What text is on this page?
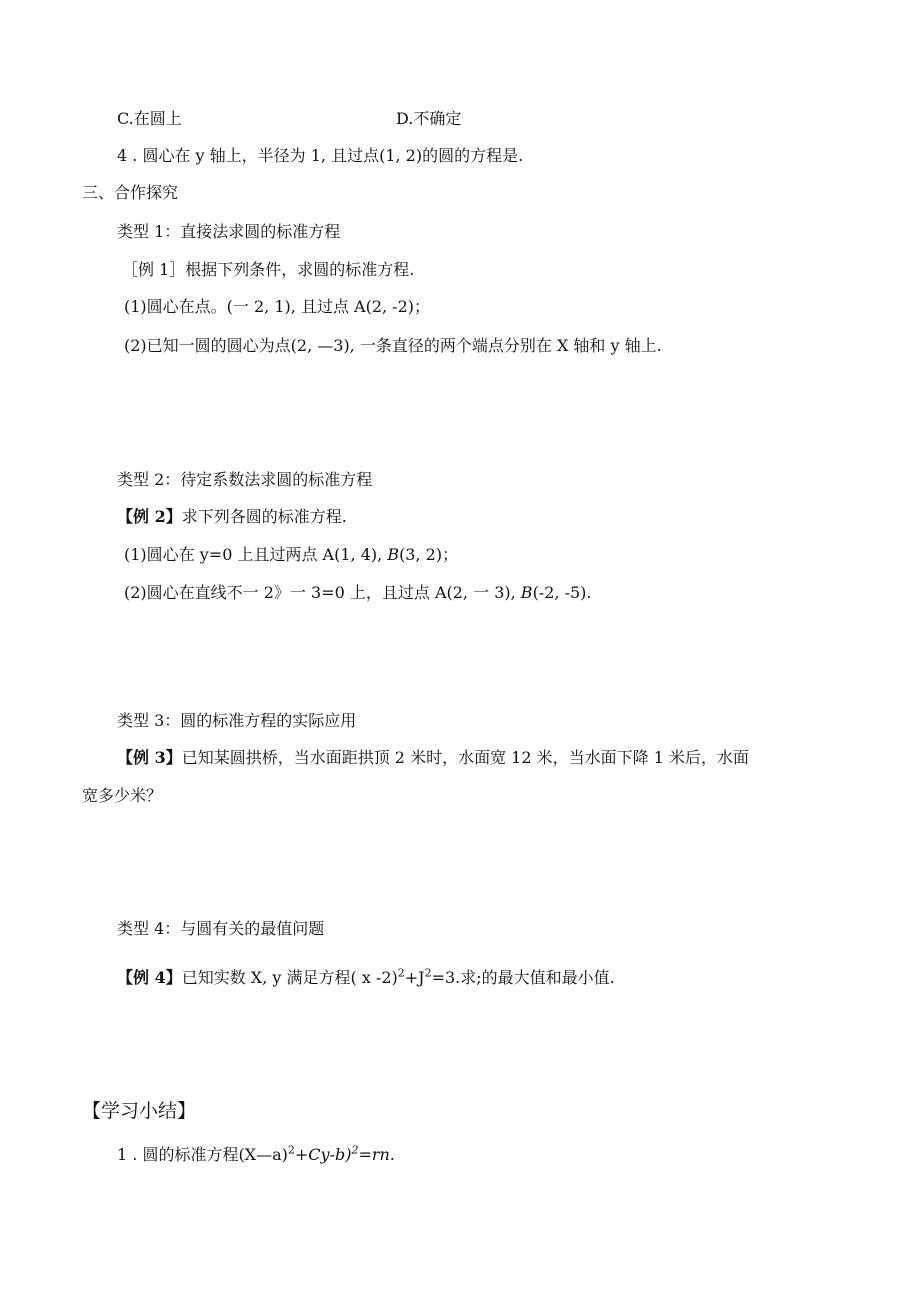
C.在圆上	D.不确定
4 . 圆心在 y 轴上，半径为 1, 且过点(1, 2)的圆的方程是.
三、合作探究
类型 1：直接法求圆的标准方程
［例 1］根据下列条件，求圆的标准方程.
(1)圆心在点。(一 2, 1), 且过点 A(2, -2)；
(2)已知一圆的圆心为点(2, —3), 一条直径的两个端点分别在 X 轴和 y 轴上.
类型 2：待定系数法求圆的标准方程
【例 2】求下列各圆的标准方程.
(1)圆心在 y=0 上且过两点 A(1, 4), B(3, 2)；
(2)圆心在直线不一 2》一 3=0 上，且过点 A(2, 一 3), B(-2, -5).
类型 3：圆的标准方程的实际应用
【例 3】已知某圆拱桥，当水面距拱顶 2 米时，水面宽 12 米，当水面下降 1 米后，水面
宽多少米？
类型 4：与圆有关的最值问题
【例 4】已知实数 X, y 满足方程( x $-2)^2+J^2=3$.求;的最大值和最小值.
【学习小结】
1 . 圆的标准方程(X—a)$^2$+Cy-b)$^2$=rn.
